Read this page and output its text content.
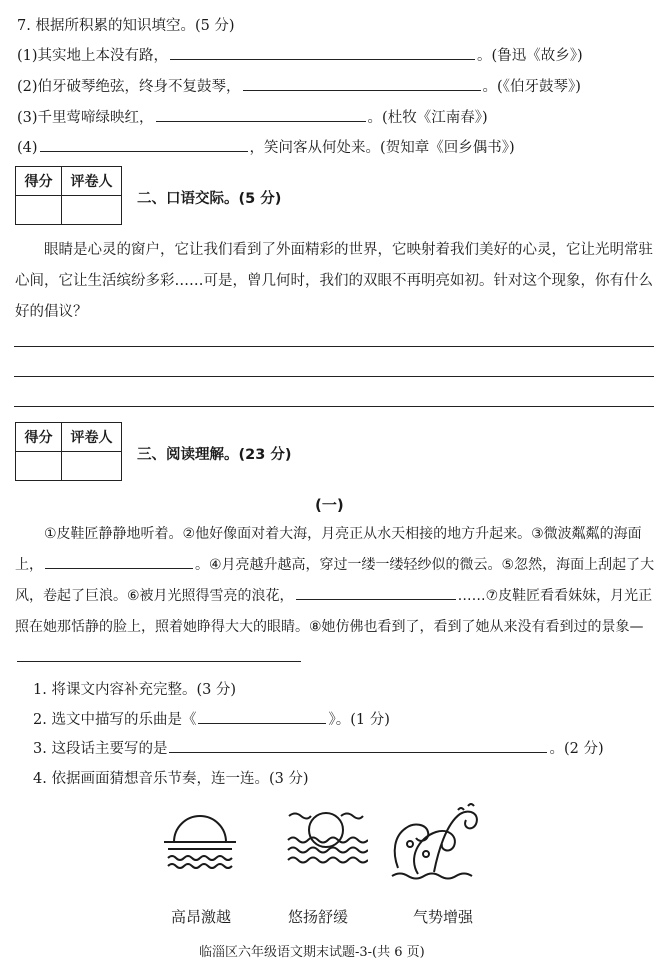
7. 根据所积累的知识填空。(5 分)
(1)其实地上本没有路，	。(鲁迅《故乡》)
(2)伯牙破琴绝弦，终身不复鼓琴，	。(《伯牙鼓琴》)
(3)千里莺啼绿映红，	。(杜牧《江南春》)
(4)	，笑问客从何处来。(贺知章《回乡偶书》)
得分	评卷人

二、口语交际。(5 分)
眼睛是心灵的窗户，它让我们看到了外面精彩的世界，它映射着我们美好的心灵，它让光明常驻心间，它让生活缤纷多彩……可是，曾几何时，我们的双眼不再明亮如初。针对这个现象，你有什么好的倡议？
得分	评卷人

三、阅读理解。(23 分)
(一)
①皮鞋匠静静地听着。②他好像面对着大海，月亮正从水天相接的地方升起来。③微波粼粼的海面上，	。④月亮越升越高，穿过一缕一缕轻纱似的微云。⑤忽然，海面上刮起了大风，卷起了巨浪。⑥被月光照得雪亮的浪花，	……⑦皮鞋匠看看妹妹，月光正照在她那恬静的脸上，照着她睁得大大的眼睛。⑧她仿佛也看到了，看到了她从来没有看到过的景象—
1. 将课文内容补充完整。(3 分)
2. 选文中描写的乐曲是《	》。(1 分)
3. 这段话主要写的是	。(2 分)
4. 依据画面猜想音乐节奏，连一连。(3 分)
高昂激越	悠扬舒缓	气势增强
临淄区六年级语文期末试题-3-(共 6 页)
